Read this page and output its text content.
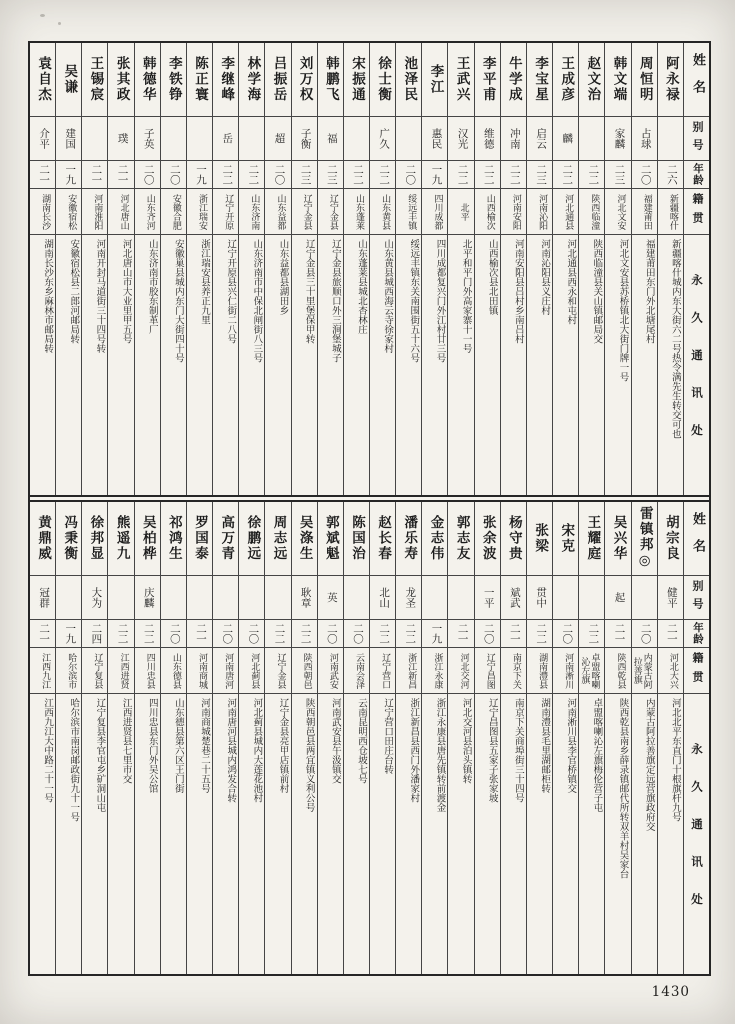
姓名
别号
年龄
籍贯
永久通讯处
阿永禄
二六
新疆喀什
新疆喀什城内东大街六二号热令满先生转交可也
周恒明
占球
二〇
福建莆田
福建莆田东门外北塘尾村
韩文端
家麟
二三
河北文安
河北文安县苏桥镇北大街门牌一号
赵文治
二二
陕西临潼
陕西临潼县关山镇邮局交
王成彦
麟
二二
河北通县
河北通县西永和屯村
李宝星
启云
二三
河南沁阳
河南沁阳县义庄村
牛学成
冲南
二二
河南安阳
河南安阳县吕村乡南吕村
李平甫
维德
二二
山西榆次
山西榆次县北田镇
王武兴
汉光
二二
北平
北平和平门外高家寨十一号
李江
惠民
一九
四川成都
四川成都复兴门外江村廿三号
池泽民
二〇
绥远丰镇
绥远丰镇东关南围街五十六号
徐士衡
广久
二二
山东黄县
山东黄县城西海云寺徐家村
宋振通
二二
山东蓬莱
山东蓬莱县城北杏林庄
韩鹏飞
福
二三
辽宁金县
辽宁金县旅顺口外三涧堡城子
刘万权
子衡
二三
辽宁金县
辽宁金县三十里堡保甲转
吕振岳
超
二〇
山东益都
山东益都县湖田乡
林学海
二二
山东济南
山东济南市中保北闸街八三号
李继峰
岳
二二
辽宁开原
辽宁开原县兴仁街二八号
陈正寰
一九
浙江瑞安
浙江瑞安县养正九里
李铁铮
二〇
安徽合肥
安徽巢县城内东门大街四十号
韩德华
子英
二〇
山东齐河
山东济南市胶东制革厂
张其政
璞
二一
河北唐山
河北唐山市大业里甲五号
王锡宸
二一
河南淮阳
河南开封马道街三十四号转
吴谦
建国
一九
安徽宿松
安徽宿松县二郎河邮局转
袁自杰
介平
二一
湖南长沙
湖南长沙东乡麻林市邮局转
姓名
别号
年龄
籍贯
永久通讯处
胡宗良
健平
二一
河北大兴
河北北平东直门十根旗杆九号
雷镇邦◎
二〇
内蒙古阿拉善旗
内蒙古阿拉善旗定远营旗政府交
吴兴华
起
二一
陕西乾县
陕西乾县南乡薛录镇邮代所转双羊村吴家台
王耀庭
二二
卓盟喀喇沁左旗
卓盟喀喇沁左旗梅伦营子屯
宋克
二〇
河南淅川
河南淅川县李官桥镇交
张梁
贯中
二二
湖南澧县
湖南澧县毛里湖邮柜转
杨守贵
斌武
二一
南京下关
南京下关商埠街三十四号
张余波
一平
二〇
辽宁昌图
辽宁昌图县五家子张家坡
郭志友
二一
河北交河
河北交河县泊头镇转
金志伟
一九
浙江永康
浙江永康县唐先镇转前渡金
潘乐寿
龙圣
二二
浙江新昌
浙江新昌县西门外潘家村
赵长春
北山
二二
辽宁营口
辽宁营口田庄台转
陈国治
二〇
云南会泽
云南昆明西仓坡七号
郭斌魁
英
二〇
河南武安
河南武安县午汲镇交
吴涤生
耿章
二二
陕西朝邑
陕西朝邑县两宜镇义利公号
周志远
二二
辽宁金县
辽宁金县亮甲店镇前村
徐鹏远
二〇
河北蓟县
河北蓟县城内大莲花池村
高万青
二〇
河南唐河
河南唐河县城内鸿发合转
罗国泰
二一
河南商城
河南商城楚巷二十五号
祁鸿生
二〇
山东德县
山东德县第六区王门街
吴柏桦
庆麟
二二
四川忠县
四川忠县东门外吴公馆
熊遥九
二二
江西进贤
江西进贤县七里市交
徐邦显
大为
二四
辽宁复县
辽宁复县李官屯乡矿洞山屯
冯秉衡
一九
哈尔滨市
哈尔滨市南岗邮政街九十一号
黄鼎威
冠群
二一
江西九江
江西九江大中路二十一号
1430
